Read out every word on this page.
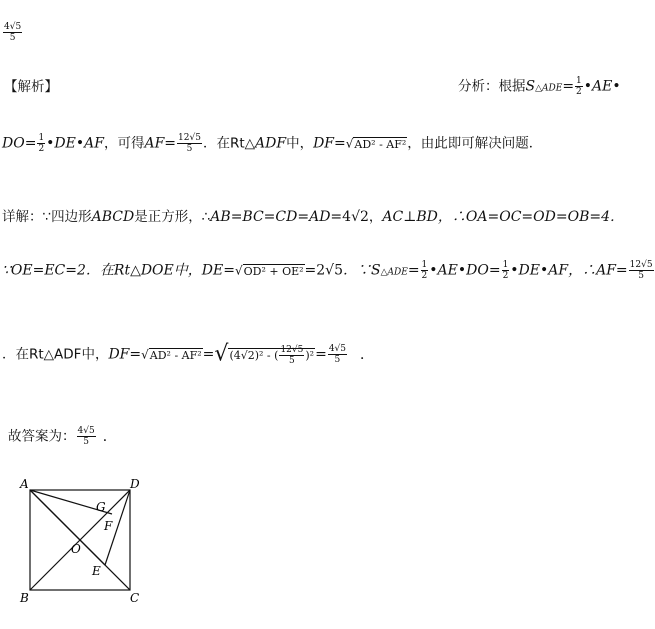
$\frac{4√5}{5}$
【解析】	分析：根据S△ADE= $\frac{1}{2}$ •AE•
$DO= \frac{1}{2}$ •DE•AF，可得$AF= \frac{12√5}{5}$ ．在Rt△ADF中，DF=√AD² - AF²，由此即可解决问题．
详解：∵四边形ABCD是正方形，∴AB=BC=CD=AD=4√2，AC⊥BD，∴OA=OC=OD=OB=4．
∵OE=EC=2．在Rt△DOE中，DE=√OD² + OE²=2√5．∵S△ADE= $\frac{1}{2}$ •AE•DO= $\frac{1}{2}$ •DE•AF，∴AF= $\frac{12√5}{5}$
．在Rt△ADF中，DF=√AD² - AF²=√(4√2)² - ( $\frac{12√5}{5} )^2= \frac{4√5}{5}$ ．
故答案为： $\frac{4√5}{5}$ ．
A
B	C
D
O
E
F
G
